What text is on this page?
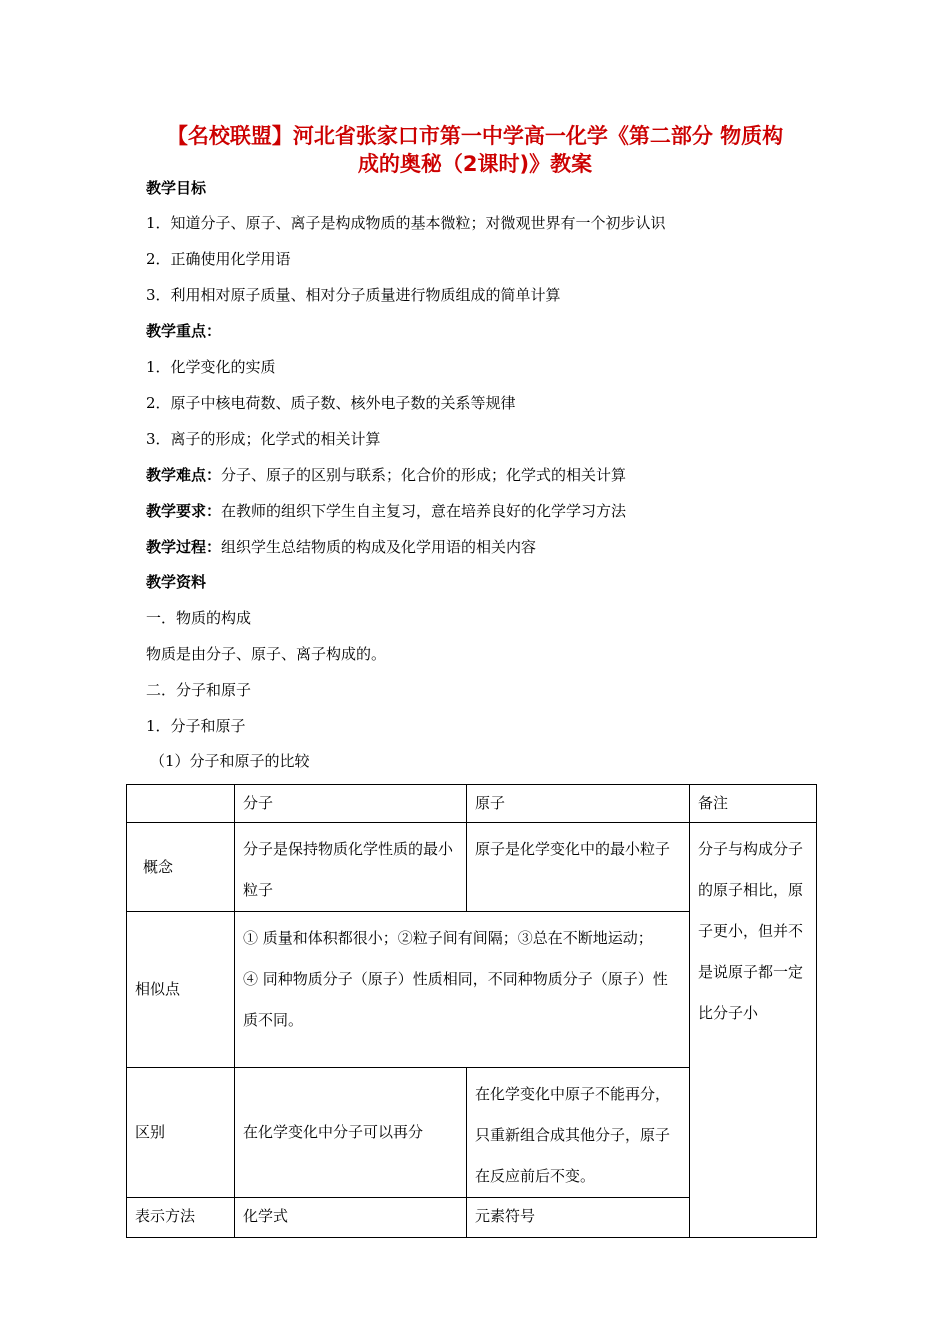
【名校联盟】河北省张家口市第一中学高一化学《第二部分 物质构
成的奥秘（2课时)》教案
教学目标
1．知道分子、原子、离子是构成物质的基本微粒；对微观世界有一个初步认识
2．正确使用化学用语
3．利用相对原子质量、相对分子质量进行物质组成的简单计算
教学重点：
1．化学变化的实质
2．原子中核电荷数、质子数、核外电子数的关系等规律
3．离子的形成；化学式的相关计算
教学难点：分子、原子的区别与联系；化合价的形成；化学式的相关计算
教学要求：在教师的组织下学生自主复习，意在培养良好的化学学习方法
教学过程：组织学生总结物质的构成及化学用语的相关内容
教学资料
一．物质的构成
物质是由分子、原子、离子构成的。
二．分子和原子
1．分子和原子
（1）分子和原子的比较
	分子	原子	备注
概念	分子是保持物质化学性质的最小粒子	原子是化学变化中的最小粒子	分子与构成分子的原子相比，原子更小，但并不是说原子都一定比分子小
相似点	① 质量和体积都很小；②粒子间有间隔；③总在不断地运动；
④ 同种物质分子（原子）性质相同，不同种物质分子（原子）性质不同。		

区别	在化学变化中分子可以再分	在化学变化中原子不能再分，只重新组合成其他分子，原子在反应前后不变。	
表示方法	化学式	元素符号	
